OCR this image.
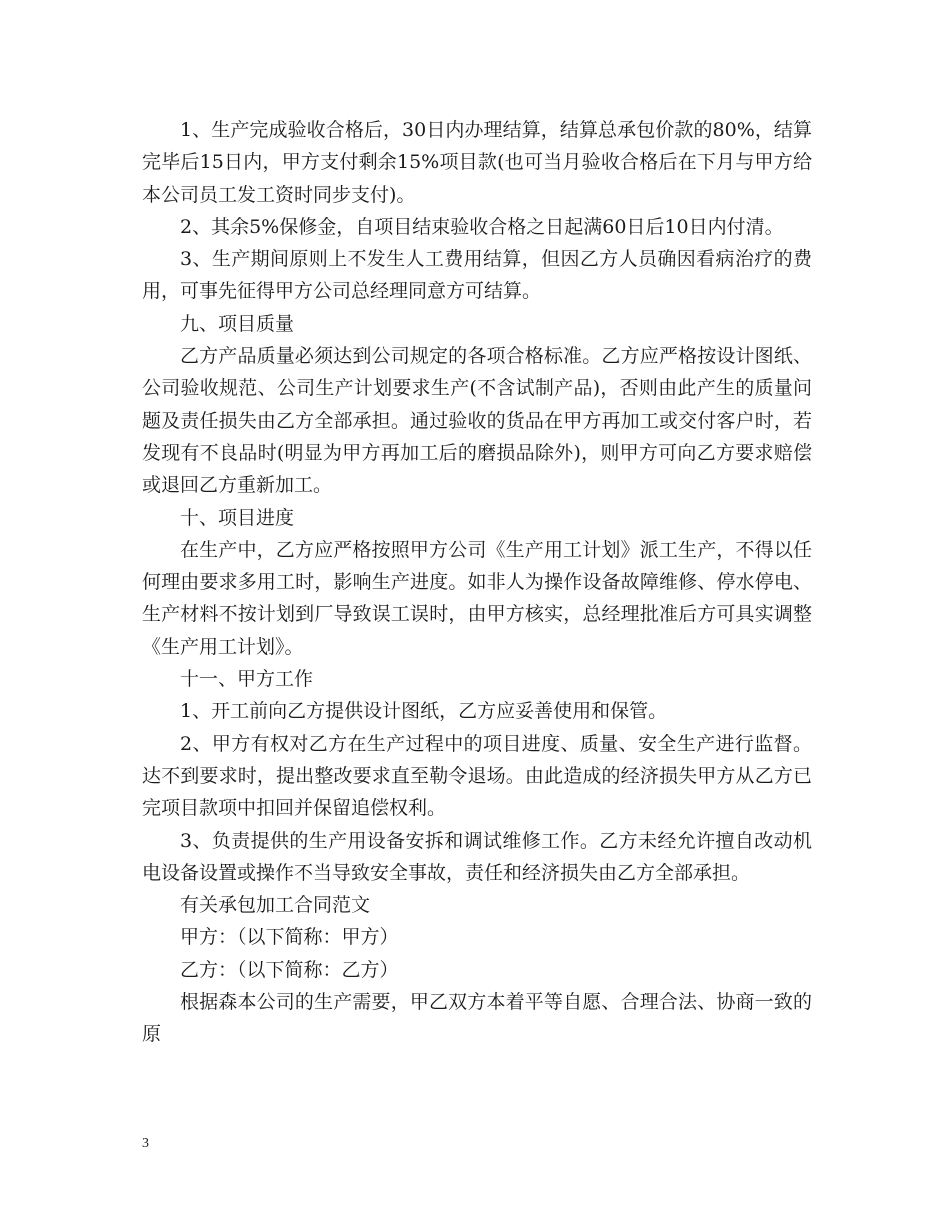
1、生产完成验收合格后，30日内办理结算，结算总承包价款的80%，结算完毕后15日内，甲方支付剩余15%项目款(也可当月验收合格后在下月与甲方给本公司员工发工资时同步支付)。

2、其余5%保修金，自项目结束验收合格之日起满60日后10日内付清。

3、生产期间原则上不发生人工费用结算，但因乙方人员确因看病治疗的费用，可事先征得甲方公司总经理同意方可结算。

九、项目质量

乙方产品质量必须达到公司规定的各项合格标准。乙方应严格按设计图纸、公司验收规范、公司生产计划要求生产(不含试制产品)，否则由此产生的质量问题及责任损失由乙方全部承担。通过验收的货品在甲方再加工或交付客户时，若发现有不良品时(明显为甲方再加工后的磨损品除外)，则甲方可向乙方要求赔偿或退回乙方重新加工。

十、项目进度

在生产中，乙方应严格按照甲方公司《生产用工计划》派工生产，不得以任何理由要求多用工时，影响生产进度。如非人为操作设备故障维修、停水停电、生产材料不按计划到厂导致误工误时，由甲方核实，总经理批准后方可具实调整《生产用工计划》。

十一、甲方工作

1、开工前向乙方提供设计图纸，乙方应妥善使用和保管。

2、甲方有权对乙方在生产过程中的项目进度、质量、安全生产进行监督。达不到要求时，提出整改要求直至勒令退场。由此造成的经济损失甲方从乙方已完项目款项中扣回并保留追偿权利。

3、负责提供的生产用设备安拆和调试维修工作。乙方未经允许擅自改动机电设备设置或操作不当导致安全事故，责任和经济损失由乙方全部承担。

有关承包加工合同范文

甲方：（以下简称：甲方）

乙方：（以下简称：乙方）

根据森本公司的生产需要，甲乙双方本着平等自愿、合理合法、协商一致的原

3
